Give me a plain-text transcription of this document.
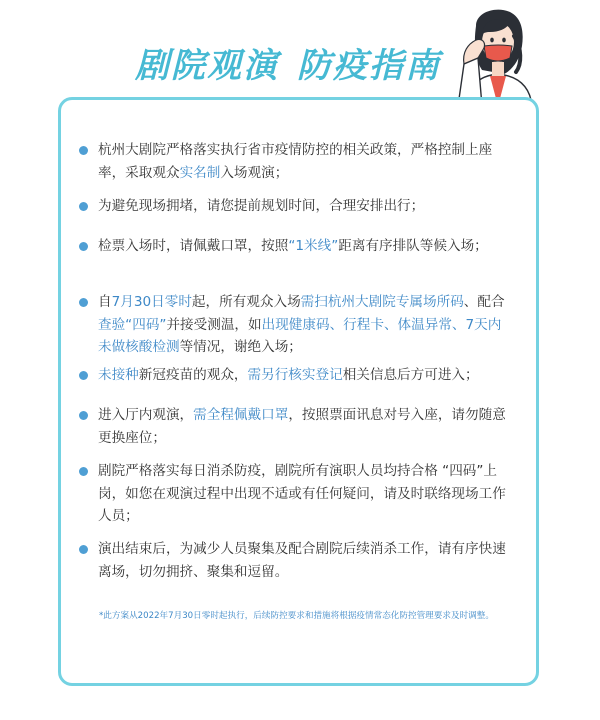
剧院观演 防疫指南
杭州大剧院严格落实执行省市疫情防控的相关政策，严格控制上座率，采取观众实名制入场观演；
为避免现场拥堵，请您提前规划时间，合理安排出行；
检票入场时，请佩戴口罩，按照“1米线”距离有序排队等候入场；
自7月30日零时起，所有观众入场需扫杭州大剧院专属场所码、配合查验“四码”并接受测温，如出现健康码、行程卡、体温异常、7天内未做核酸检测等情况，谢绝入场；
未接种新冠疫苗的观众，需另行核实登记相关信息后方可进入；
进入厅内观演，需全程佩戴口罩，按照票面讯息对号入座，请勿随意更换座位；
剧院严格落实每日消杀防疫，剧院所有演职人员均持合格 “四码”上岗，如您在观演过程中出现不适或有任何疑问，请及时联络现场工作人员；
演出结束后，为减少人员聚集及配合剧院后续消杀工作，请有序快速离场，切勿拥挤、聚集和逗留。
*此方案从2022年7月30日零时起执行，后续防控要求和措施将根据疫情常态化防控管理要求及时调整。
